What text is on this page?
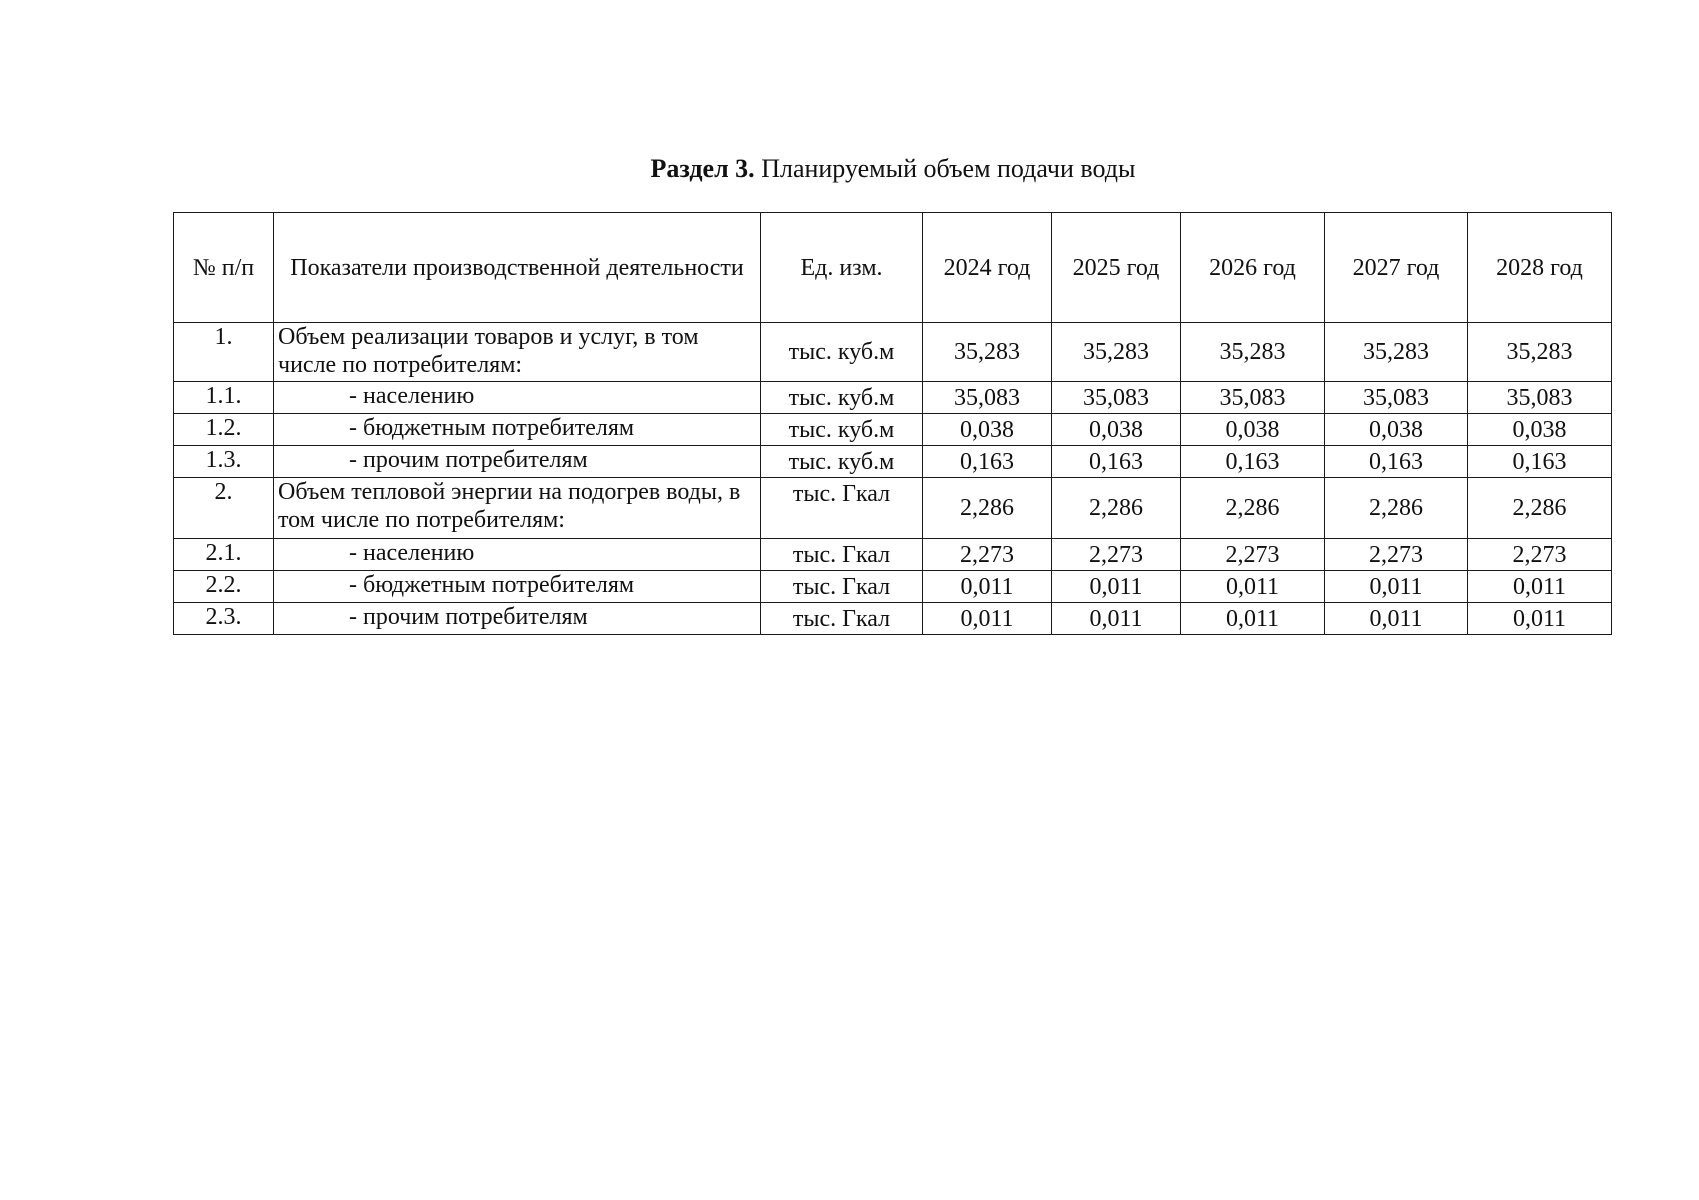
Раздел 3. Планируемый объем подачи воды
№ п/п	Показатели производственной деятельности	Ед. изм.	2024 год	2025 год	2026 год	2027 год	2028 год
1.	Объем реализации товаров и услуг, в том числе по потребителям:	тыс. куб.м	35,283	35,283	35,283	35,283	35,283
1.1.	- населению	тыс. куб.м	35,083	35,083	35,083	35,083	35,083
1.2.	- бюджетным потребителям	тыс. куб.м	0,038	0,038	0,038	0,038	0,038
1.3.	- прочим потребителям	тыс. куб.м	0,163	0,163	0,163	0,163	0,163
2.	Объем тепловой энергии на подогрев воды, в том числе по потребителям:	тыс. Гкал	2,286	2,286	2,286	2,286	2,286
2.1.	- населению	тыс. Гкал	2,273	2,273	2,273	2,273	2,273
2.2.	- бюджетным потребителям	тыс. Гкал	0,011	0,011	0,011	0,011	0,011
2.3.	- прочим потребителям	тыс. Гкал	0,011	0,011	0,011	0,011	0,011
